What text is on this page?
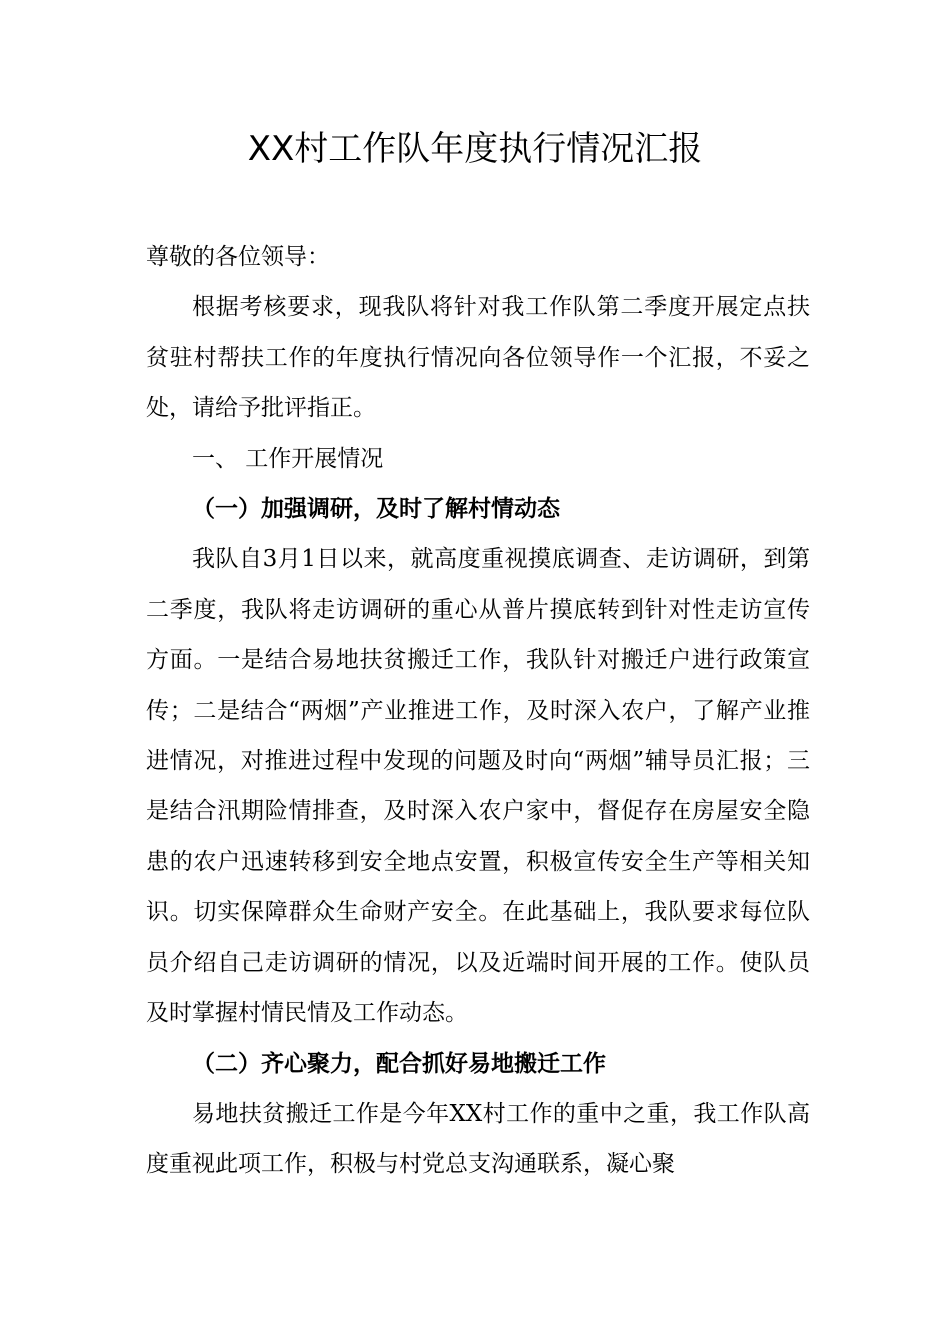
XX村工作队年度执行情况汇报

尊敬的各位领导：

根据考核要求，现我队将针对我工作队第二季度开展定点扶贫驻村帮扶工作的年度执行情况向各位领导作一个汇报，不妥之处，请给予批评指正。

一、 工作开展情况

（一）加强调研，及时了解村情动态

我队自3月1日以来，就高度重视摸底调查、走访调研，到第二季度，我队将走访调研的重心从普片摸底转到针对性走访宣传方面。一是结合易地扶贫搬迁工作，我队针对搬迁户进行政策宣传；二是结合“两烟”产业推进工作，及时深入农户，了解产业推进情况，对推进过程中发现的问题及时向“两烟”辅导员汇报；三是结合汛期险情排查，及时深入农户家中，督促存在房屋安全隐患的农户迅速转移到安全地点安置，积极宣传安全生产等相关知识。切实保障群众生命财产安全。在此基础上，我队要求每位队员介绍自己走访调研的情况，以及近端时间开展的工作。使队员及时掌握村情民情及工作动态。

（二）齐心聚力，配合抓好易地搬迁工作

易地扶贫搬迁工作是今年XX村工作的重中之重，我工作队高度重视此项工作，积极与村党总支沟通联系，凝心聚
